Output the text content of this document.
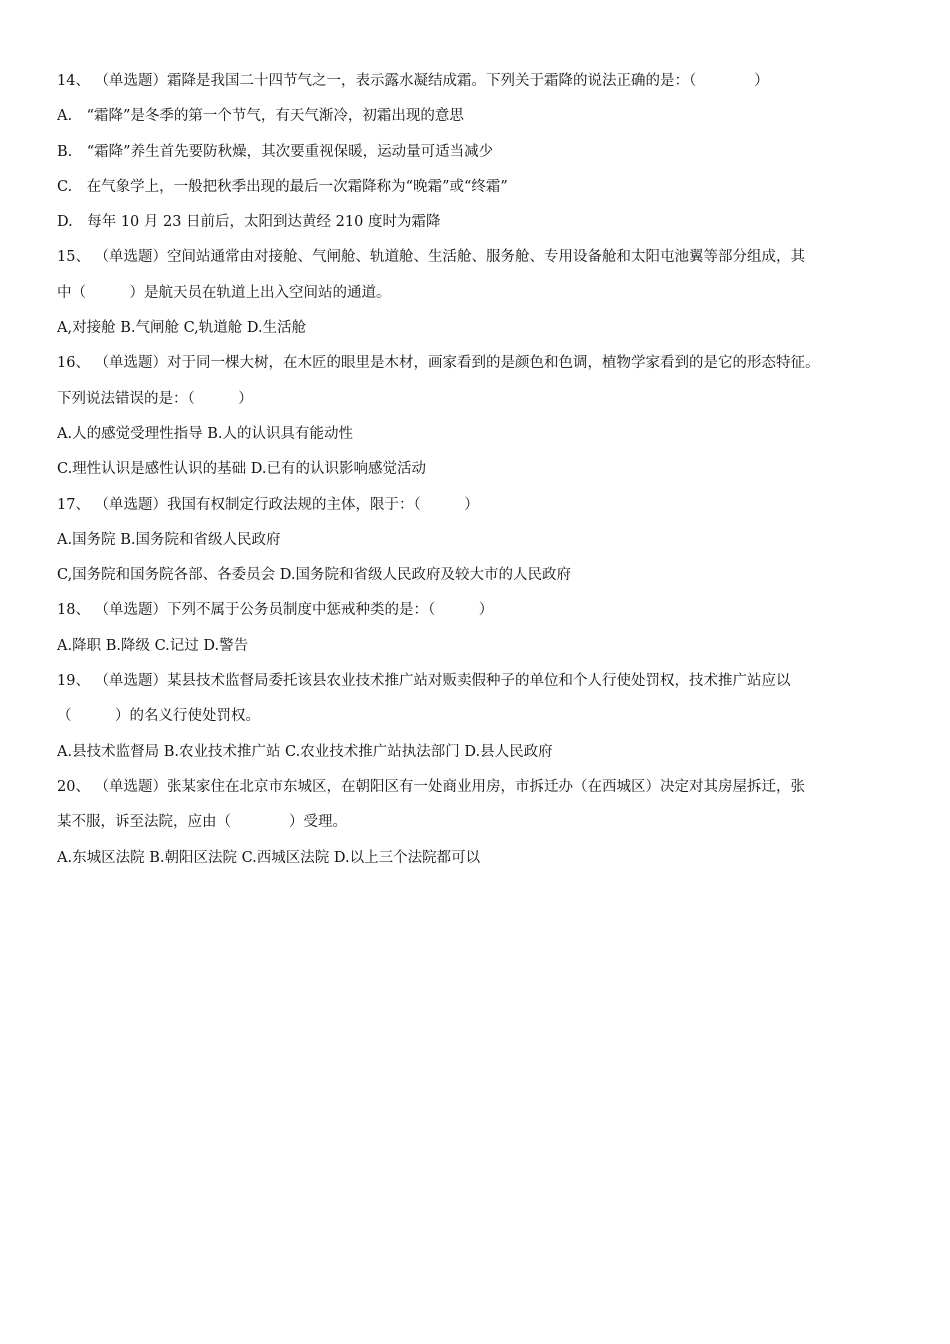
14、 （单选题）霜降是我国二十四节气之一，表示露水凝结成霜。下列关于霜降的说法正确的是：（　　　　）
A.　“霜降”是冬季的第一个节气，有天气渐冷，初霜出现的意思
B.　“霜降”养生首先要防秋燥，其次要重视保暖，运动量可适当减少
C.　在气象学上，一般把秋季出现的最后一次霜降称为“晚霜”或“终霜”
D.　每年 10 月 23 日前后，太阳到达黄经 210 度时为霜降
15、 （单选题）空间站通常由对接舱、气闸舱、轨道舱、生活舱、服务舱、专用设备舱和太阳屯池翼等部分组成，其
中（　　　）是航天员在轨道上出入空间站的通道。
A,对接舱 B.气闸舱 C,轨道舱 D.生活舱
16、 （单选题）对于同一棵大树，在木匠的眼里是木材，画家看到的是颜色和色调，植物学家看到的是它的形态特征。
下列说法错误的是：（　　　）
A.人的感觉受理性指导 B.人的认识具有能动性
C.理性认识是感性认识的基础 D.已有的认识影响感觉活动
17、 （单选题）我国有权制定行政法规的主体，限于：（　　　）
A.国务院 B.国务院和省级人民政府
C,国务院和国务院各部、各委员会 D.国务院和省级人民政府及较大市的人民政府
18、 （单选题）下列不属于公务员制度中惩戒种类的是：（　　　）
A.降职 B.降级 C.记过 D.警告
19、 （单选题）某县技术监督局委托该县农业技术推广站对贩卖假种子的单位和个人行使处罚权，技术推广站应以
（　　　）的名义行使处罚权。
A.县技术监督局 B.农业技术推广站 C.农业技术推广站执法部门 D.县人民政府
20、 （单选题）张某家住在北京市东城区，在朝阳区有一处商业用房，市拆迁办（在西城区）决定对其房屋拆迁，张
某不服，诉至法院，应由（　　　　）受理。
A.东城区法院 B.朝阳区法院 C.西城区法院 D.以上三个法院都可以
